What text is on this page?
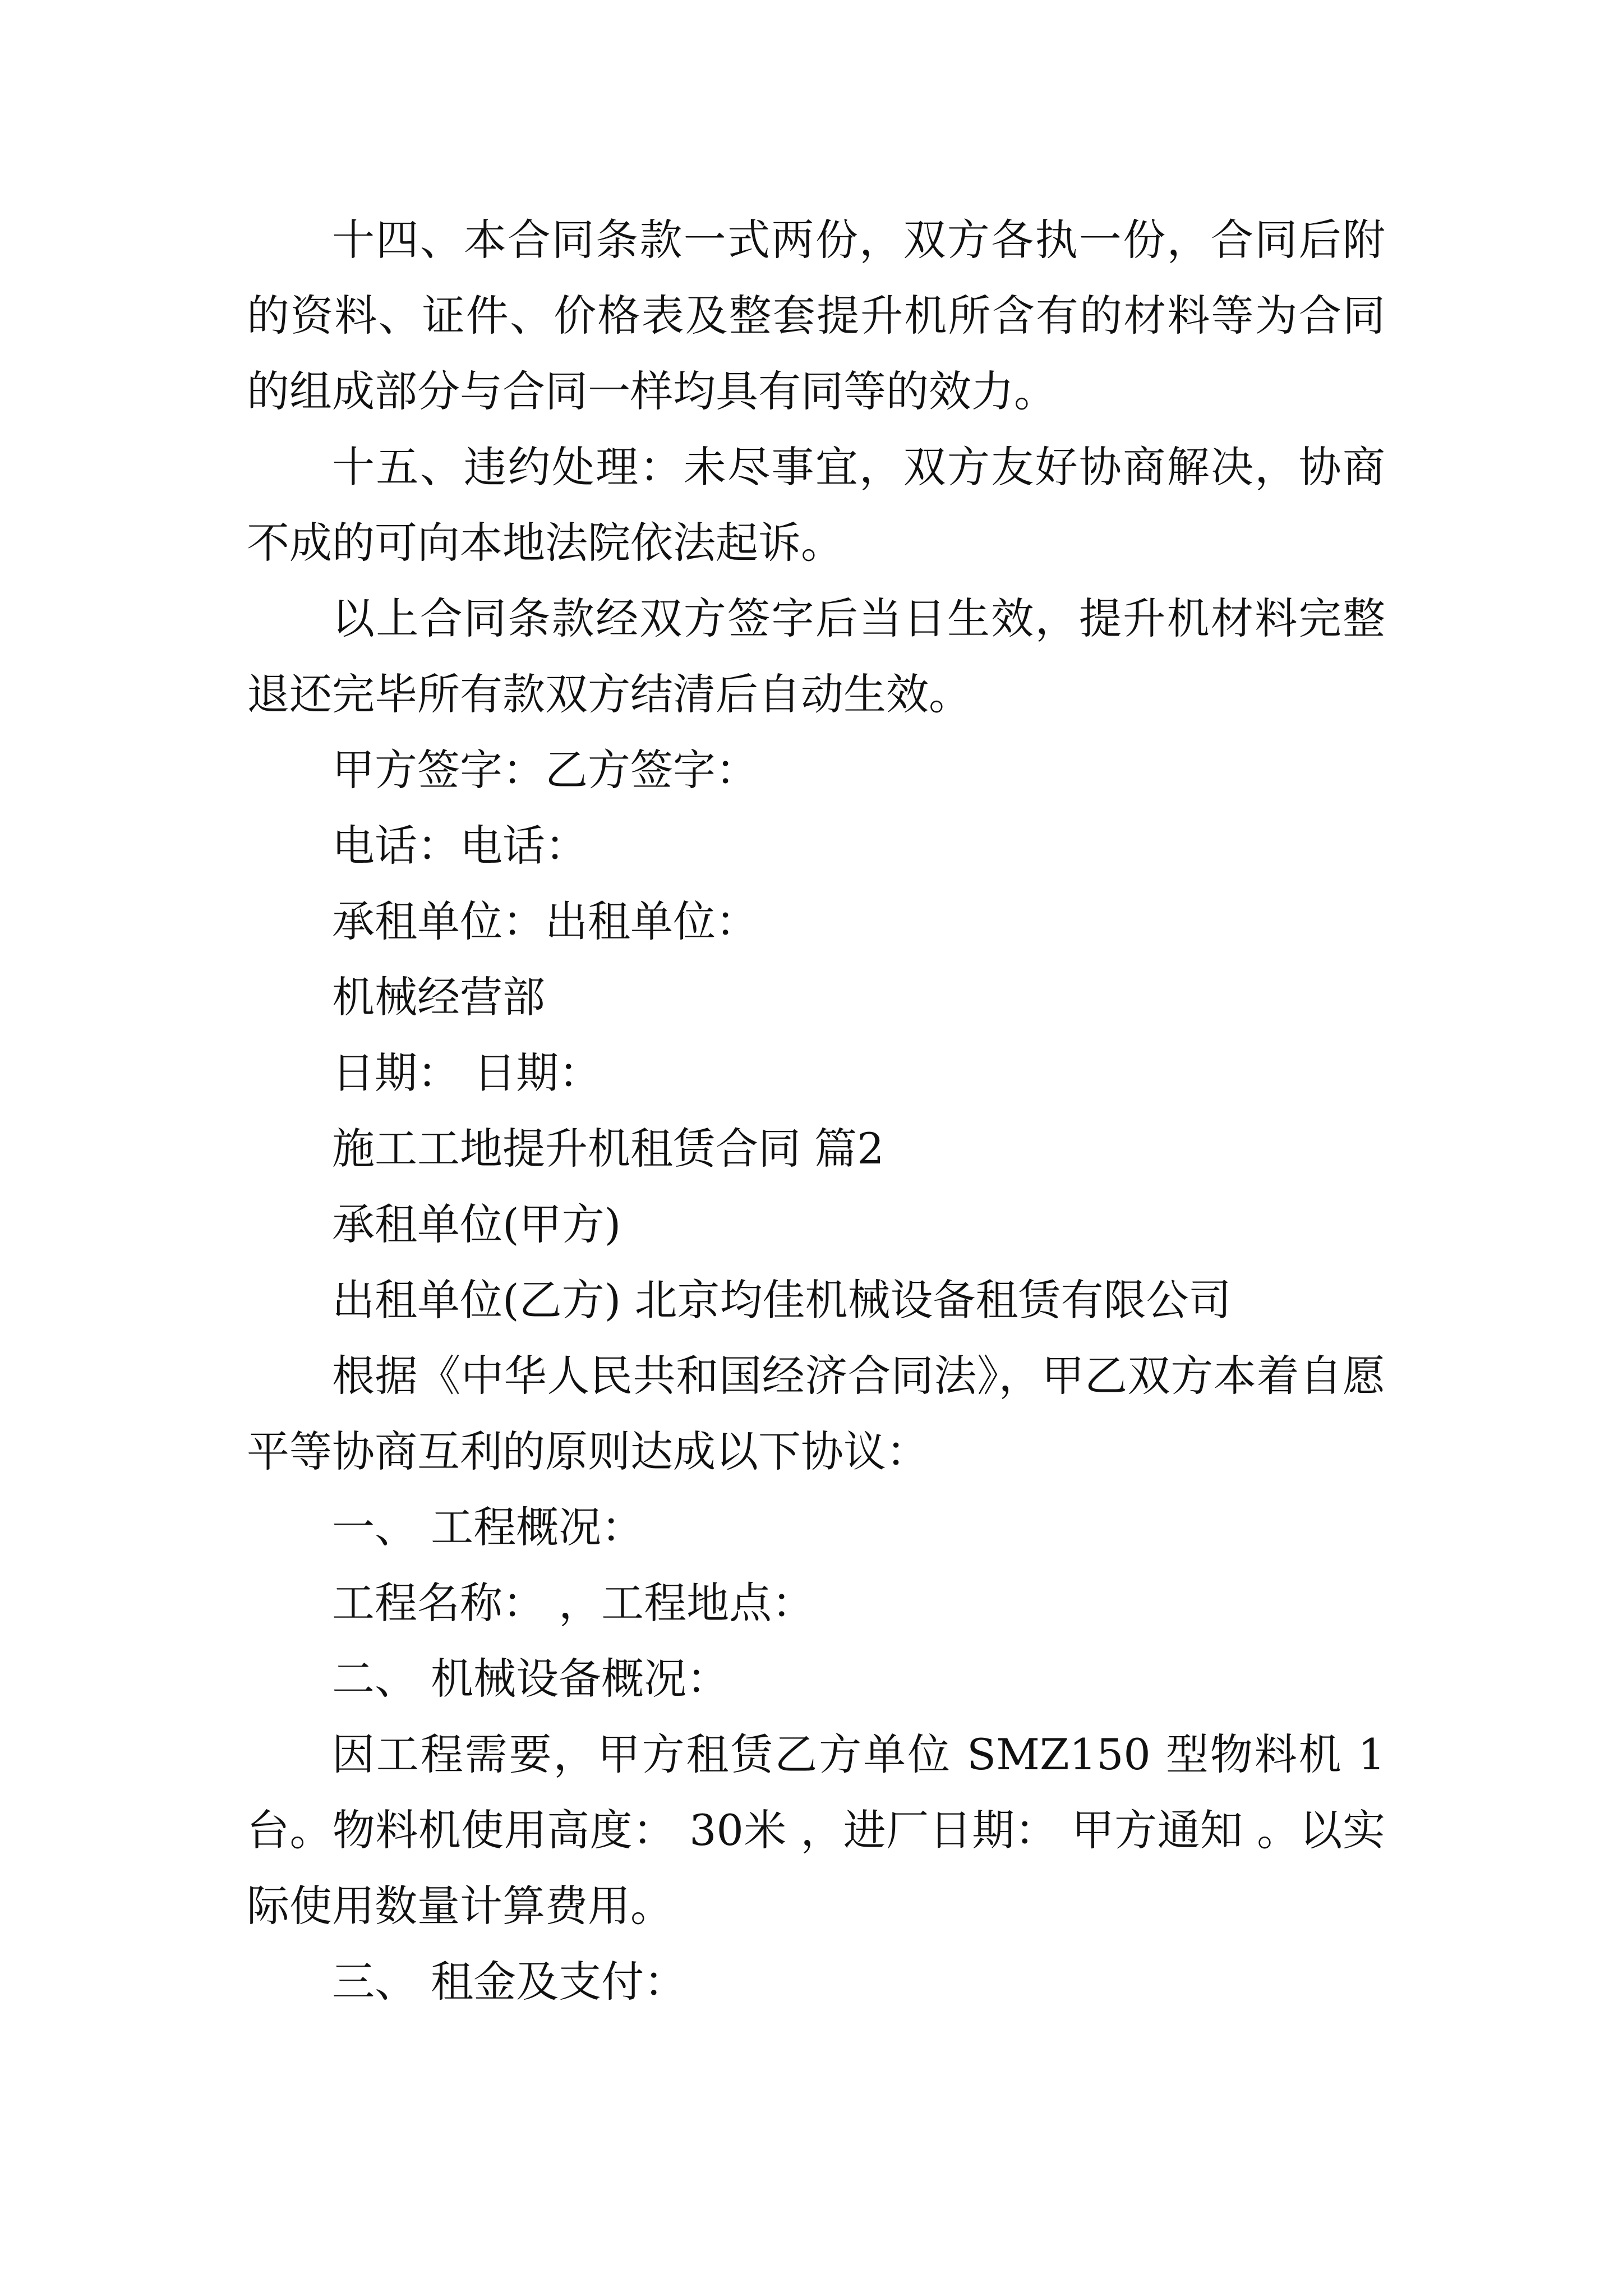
十四、本合同条款一式两份，双方各执一份，合同后附的资料、证件、价格表及整套提升机所含有的材料等为合同的组成部分与合同一样均具有同等的效力。

十五、违约处理：未尽事宜，双方友好协商解决，协商不成的可向本地法院依法起诉。

以上合同条款经双方签字后当日生效，提升机材料完整退还完毕所有款双方结清后自动生效。

甲方签字：乙方签字：

电话：电话：

承租单位：出租单位：

机械经营部

日期： 日期：

施工工地提升机租赁合同 篇2

承租单位(甲方)

出租单位(乙方) 北京均佳机械设备租赁有限公司

根据《中华人民共和国经济合同法》，甲乙双方本着自愿平等协商互利的原则达成以下协议：

一、 工程概况：

工程名称： ，工程地点：

二、 机械设备概况：

因工程需要，甲方租赁乙方单位 SMZ150 型物料机 1台。物料机使用高度： 30米 ，进厂日期： 甲方通知 。以实际使用数量计算费用。

三、 租金及支付：
